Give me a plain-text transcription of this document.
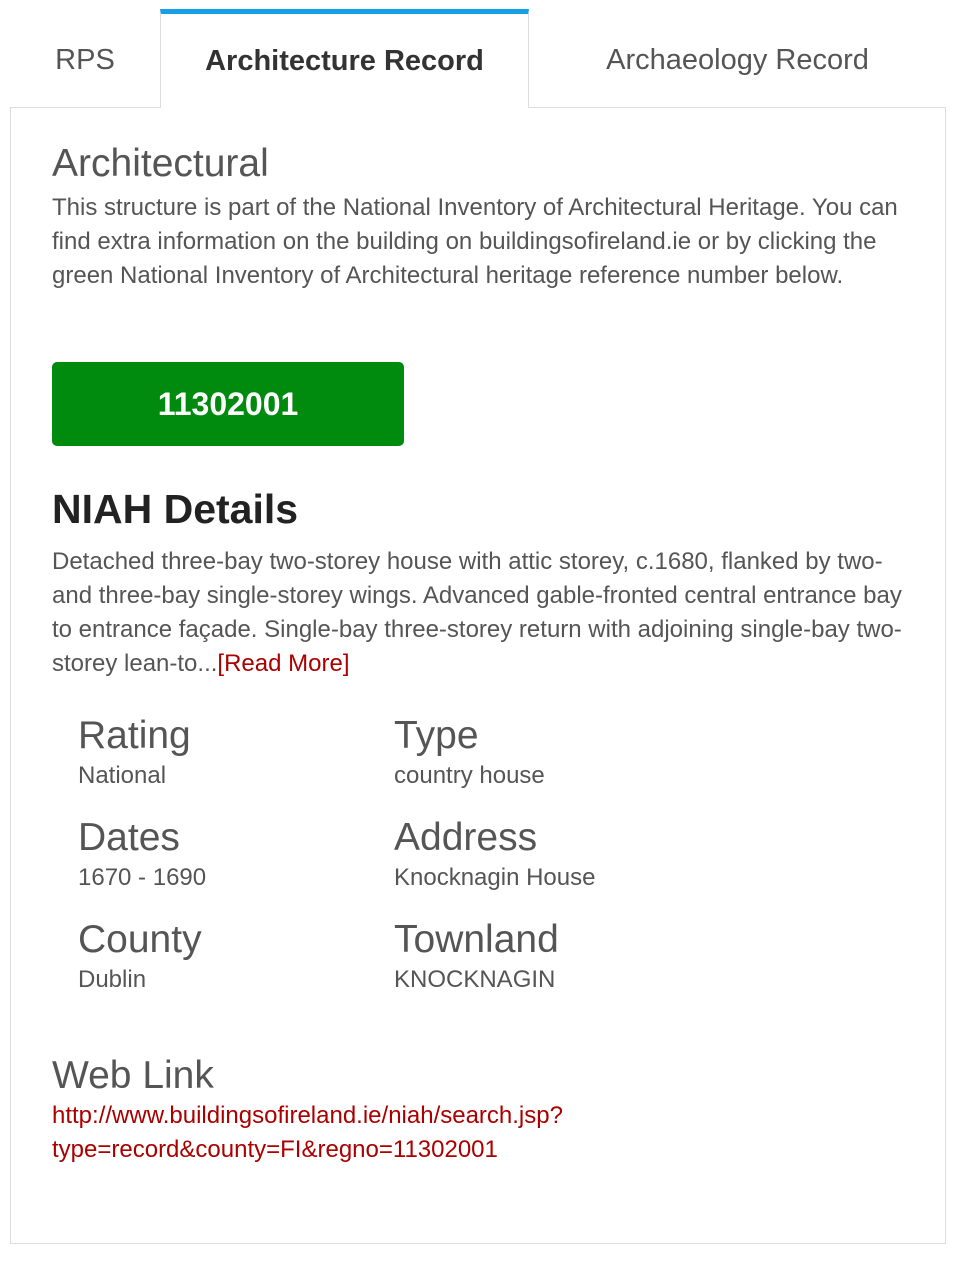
RPS	Architecture Record	Archaeology Record
Architectural

This structure is part of the National Inventory of Architectural Heritage. You can find extra information on the building on buildingsofireland.ie or by clicking the green National Inventory of Architectural heritage reference number below.

11302001
NIAH Details

Detached three-bay two-storey house with attic storey, c.1680, flanked by two- and three-bay single-storey wings. Advanced gable-fronted central entrance bay to entrance façade. Single-bay three-storey return with adjoining single-bay two-storey lean-to...[Read More]

Rating
National
Type
country house
Dates
1670 - 1690
Address
Knocknagin House
County
Dublin
Townland
KNOCKNAGIN
Web Link
http://www.buildingsofireland.ie/niah/search.jsp?
type=record&county=FI&regno=11302001
